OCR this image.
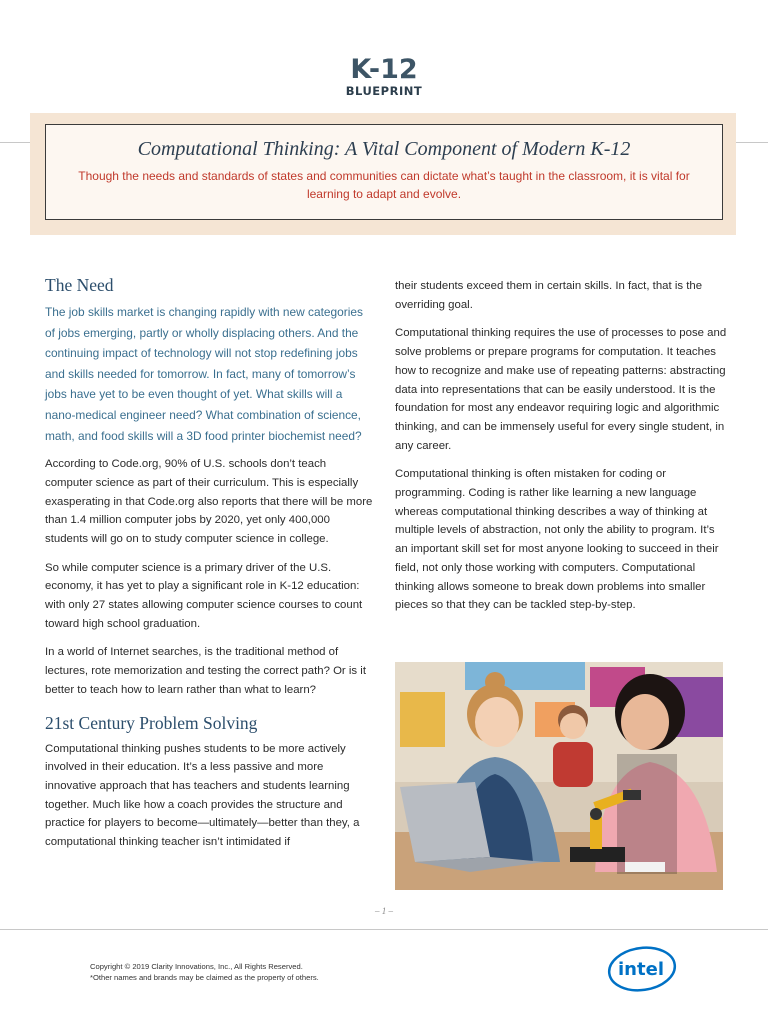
K-12
BLUEPRINT
Computational Thinking: A Vital Component of Modern K-12
Though the needs and standards of states and communities can dictate what’s taught in the classroom, it is vital for learning to adapt and evolve.
The Need

The job skills market is changing rapidly with new categories of jobs emerging, partly or wholly displacing others. And the continuing impact of technology will not stop redefining jobs and skills needed for tomorrow. In fact, many of tomorrow’s jobs have yet to be even thought of yet. What skills will a nano-medical engineer need? What combination of science, math, and food skills will a 3D food printer biochemist need?

According to Code.org, 90% of U.S. schools don’t teach computer science as part of their curriculum. This is especially exasperating in that Code.org also reports that there will be more than 1.4 million computer jobs by 2020, yet only 400,000 students will go on to study computer science in college.

So while computer science is a primary driver of the U.S. economy, it has yet to play a significant role in K-12 education: with only 27 states allowing computer science courses to count toward high school graduation.

In a world of Internet searches, is the traditional method of lectures, rote memorization and testing the correct path? Or is it better to teach how to learn rather than what to learn?

21st Century Problem Solving

Computational thinking pushes students to be more actively involved in their education. It’s a less passive and more innovative approach that has teachers and students learning together. Much like how a coach provides the structure and practice for players to become—ultimately—better than they, a computational thinking teacher isn’t intimidated if

their students exceed them in certain skills. In fact, that is the overriding goal.

Computational thinking requires the use of processes to pose and solve problems or prepare programs for computation. It teaches how to recognize and make use of repeating patterns: abstracting data into representations that can be easily understood. It is the foundation for most any endeavor requiring logic and algorithmic thinking, and can be immensely useful for every single student, in any career.

Computational thinking is often mistaken for coding or programming. Coding is rather like learning a new language whereas computational thinking describes a way of thinking at multiple levels of abstraction, not only the ability to program. It’s an important skill set for most anyone looking to succeed in their field, not only those working with computers. Computational thinking allows someone to break down problems into smaller pieces so that they can be tackled step-by-step.

– 1 –
Copyright © 2019 Clarity Innovations, Inc., All Rights Reserved.
*Other names and brands may be claimed as the property of others.	intel
